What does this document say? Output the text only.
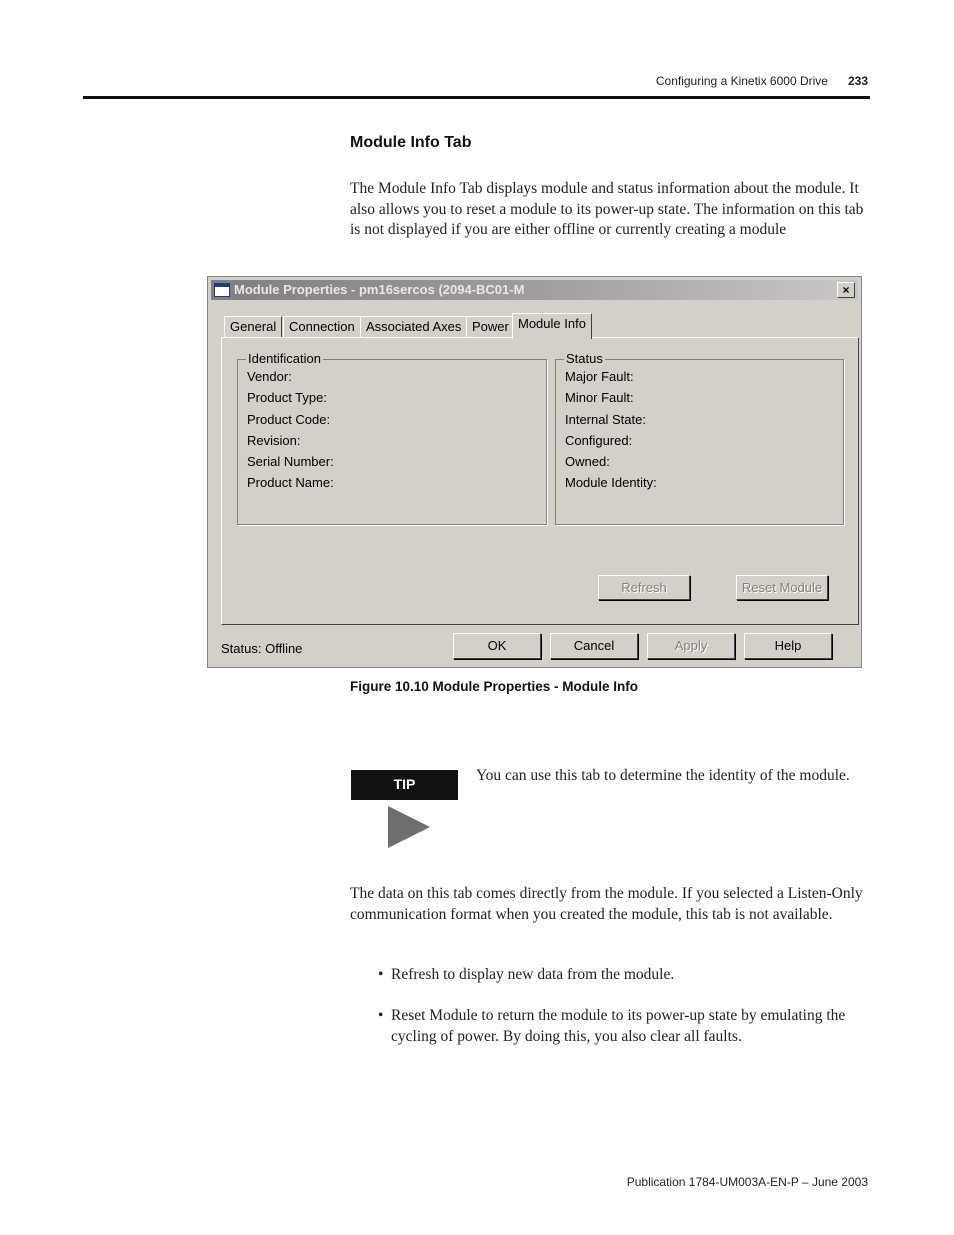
Configuring a Kinetix 6000 Drive 233
Module Info Tab
The Module Info Tab displays module and status information about the module. It also allows you to reset a module to its power-up state. The information on this tab is not displayed if you are either offline or currently creating a module
Module Properties - pm16sercos (2094-BC01-M	×
General Connection Associated Axes Power Module Info
Identification
Vendor:
Product Type:
Product Code:
Revision:
Serial Number:
Product Name:
Status
Major Fault:
Minor Fault:
Internal State:
Configured:
Owned:
Module Identity:
Refresh	Reset Module
Status: Offline	OK	Cancel	Apply	Help
Figure 10.10 Module Properties - Module Info
TIP	You can use this tab to determine the identity of the module.
The data on this tab comes directly from the module. If you selected a Listen-Only communication format when you created the module, this tab is not available.
• Refresh to display new data from the module.
• Reset Module to return the module to its power-up state by emulating the cycling of power. By doing this, you also clear all faults.
Publication 1784-UM003A-EN-P – June 2003
